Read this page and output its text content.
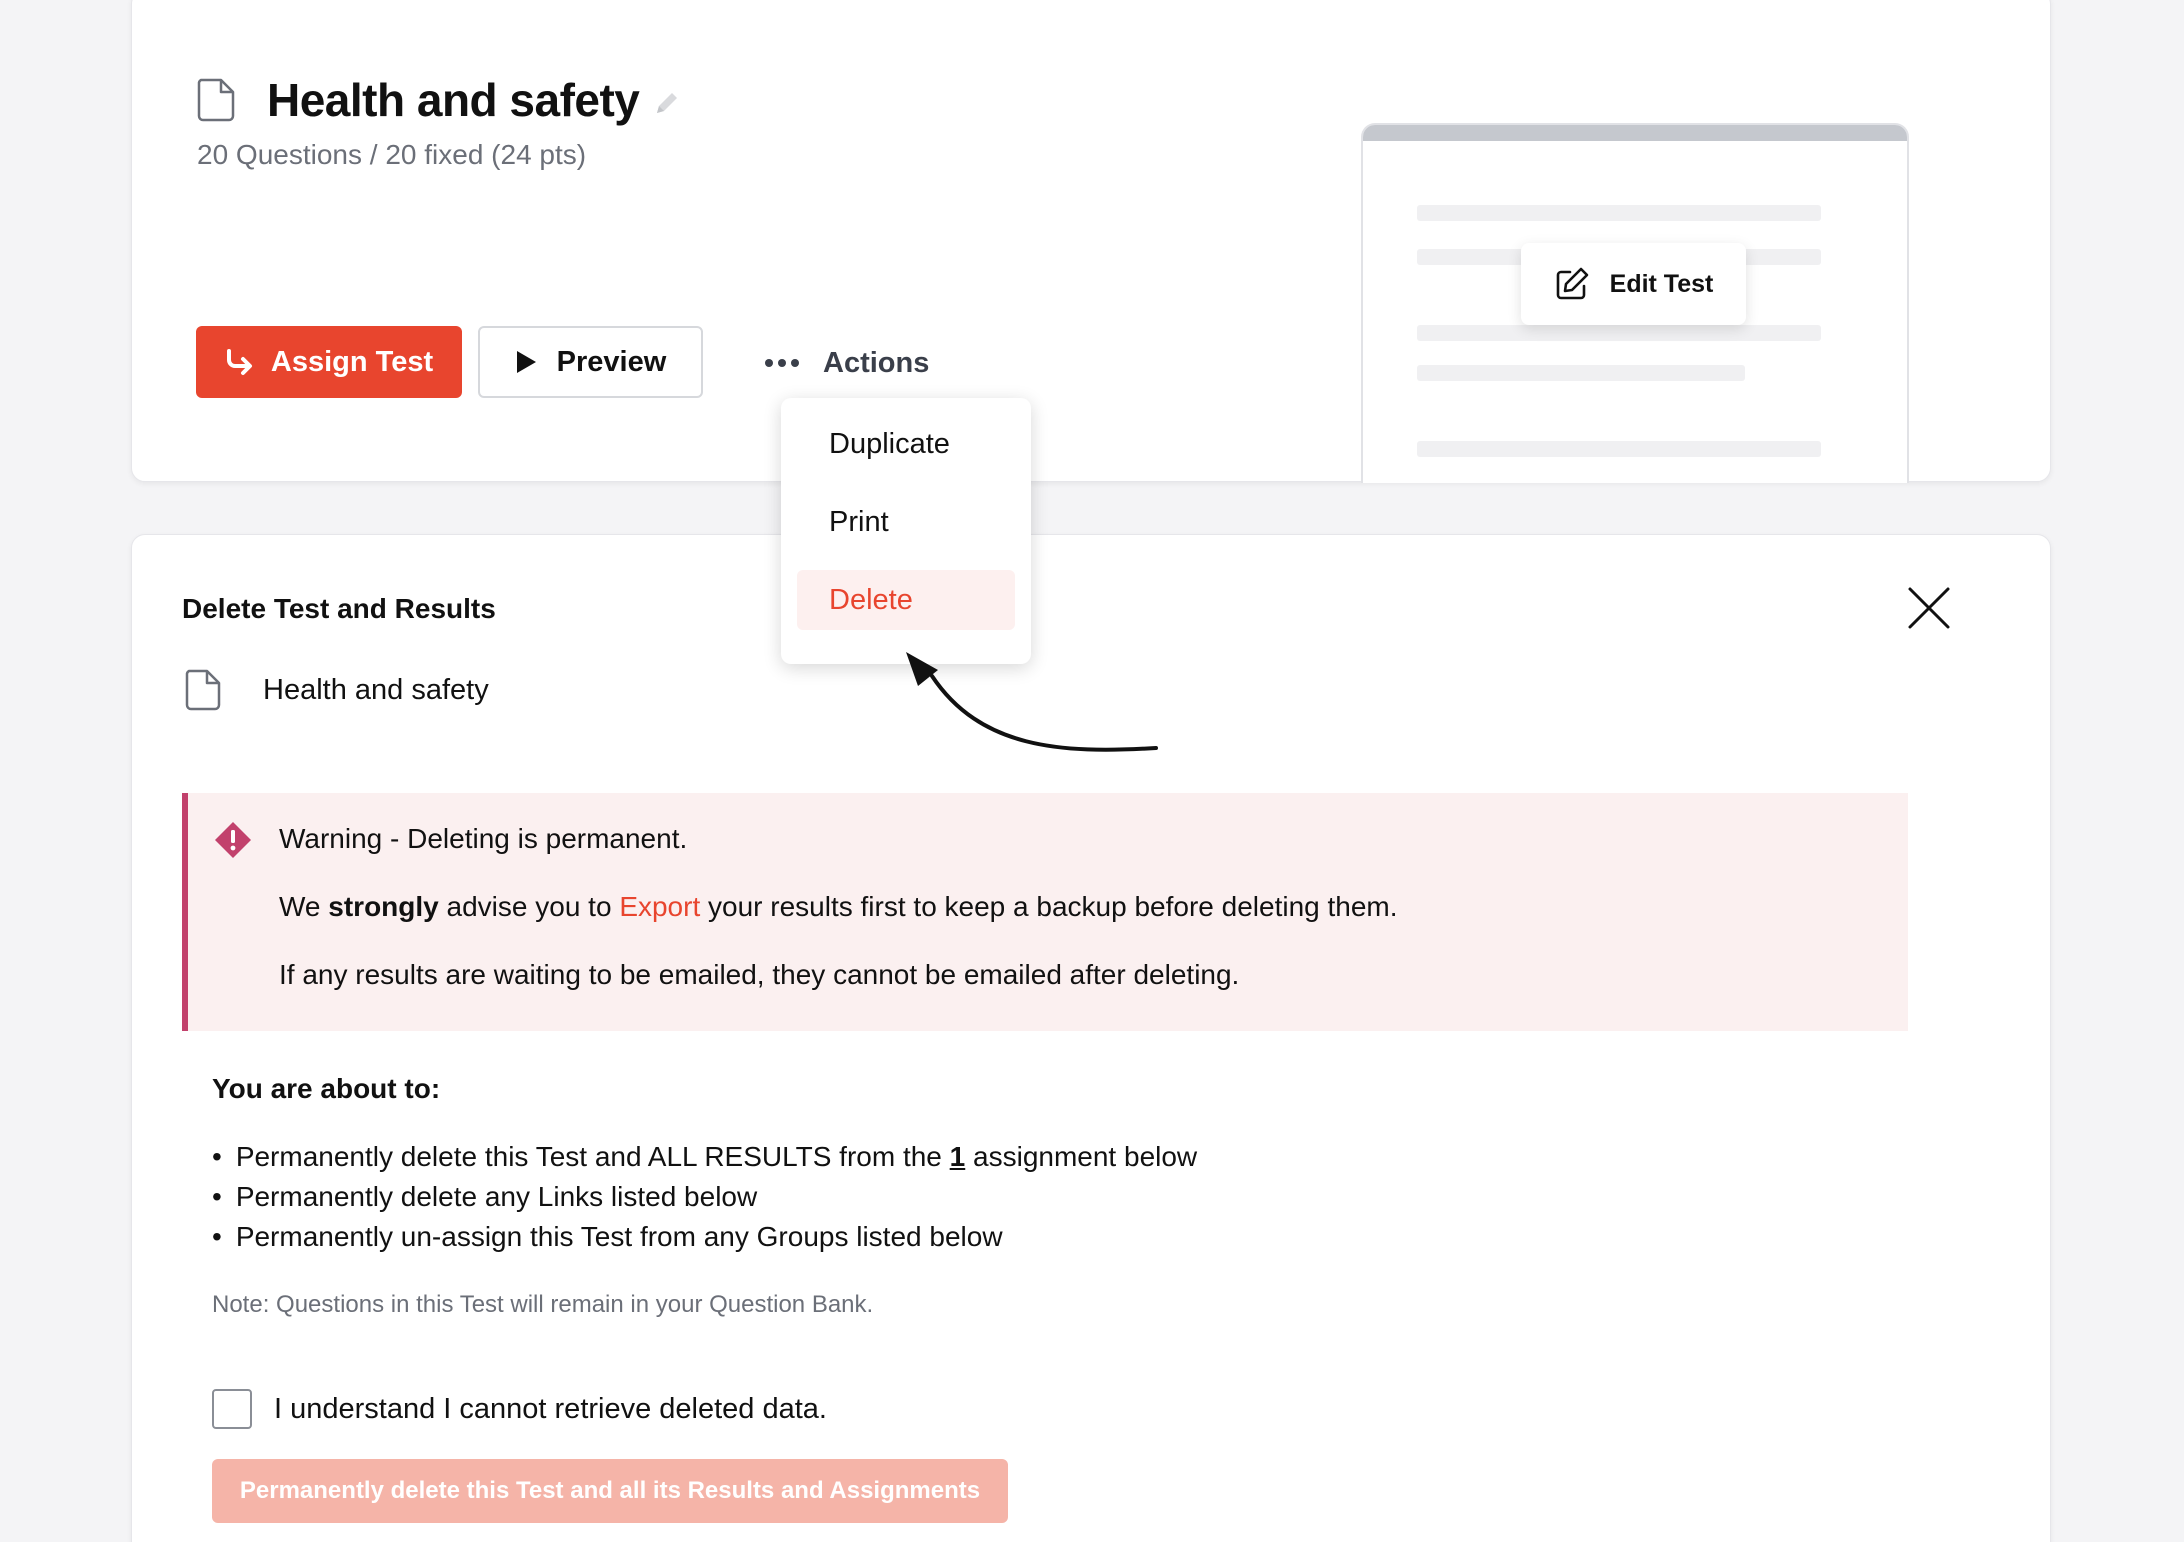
Health and safety
20 Questions / 20 fixed (24 pts)
Assign Test	Preview	Actions
Edit Test
Delete Test and Results
Health and safety
Warning - Deleting is permanent.
We strongly advise you to Export your results first to keep a backup before deleting them.
If any results are waiting to be emailed, they cannot be emailed after deleting.
You are about to:
• Permanently delete this Test and ALL RESULTS from the 1 assignment below
• Permanently delete any Links listed below
• Permanently un-assign this Test from any Groups listed below
Note: Questions in this Test will remain in your Question Bank.
I understand I cannot retrieve deleted data.
Permanently delete this Test and all its Results and Assignments
Duplicate
Print
Delete
